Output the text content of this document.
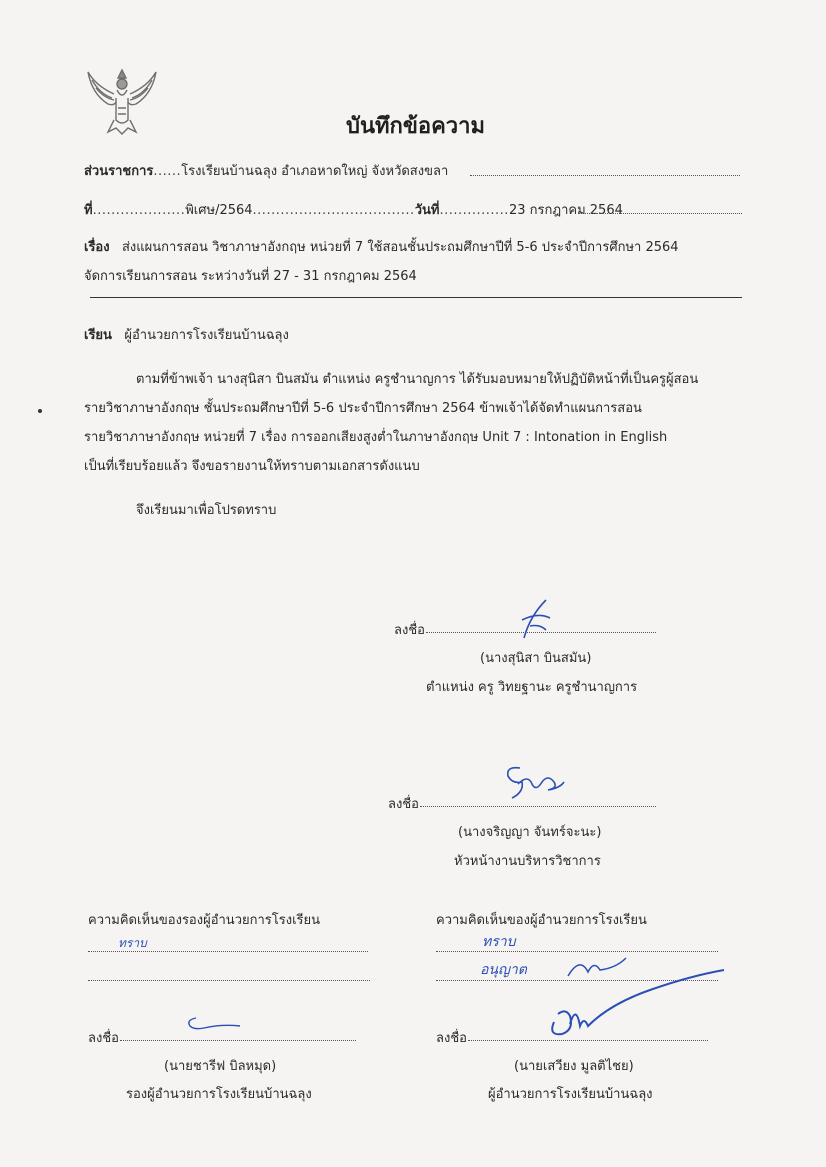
บันทึกข้อความ
ส่วนราชการ......โรงเรียนบ้านฉลุง อำเภอหาดใหญ่ จังหวัดสงขลา
ที่....................พิเศษ/2564...................................วันที่...............23 กรกฎาคม 2564
เรื่อง ส่งแผนการสอน วิชาภาษาอังกฤษ หน่วยที่ 7 ใช้สอนชั้นประถมศึกษาปีที่ 5-6 ประจำปีการศึกษา 2564
จัดการเรียนการสอน ระหว่างวันที่ 27 - 31 กรกฎาคม 2564
เรียน ผู้อำนวยการโรงเรียนบ้านฉลุง
ตามที่ข้าพเจ้า นางสุนิสา บินสมัน ตำแหน่ง ครูชำนาญการ ได้รับมอบหมายให้ปฏิบัติหน้าที่เป็นครูผู้สอน
รายวิชาภาษาอังกฤษ ชั้นประถมศึกษาปีที่ 5-6 ประจำปีการศึกษา 2564 ข้าพเจ้าได้จัดทำแผนการสอน
รายวิชาภาษาอังกฤษ หน่วยที่ 7 เรื่อง การออกเสียงสูงต่ำในภาษาอังกฤษ Unit 7 : Intonation in English
เป็นที่เรียบร้อยแล้ว จึงขอรายงานให้ทราบตามเอกสารดังแนบ
จึงเรียนมาเพื่อโปรดทราบ
ลงชื่อ
(นางสุนิสา บินสมัน)
ตำแหน่ง ครู วิทยฐานะ ครูชำนาญการ
ลงชื่อ
(นางจริญญา จันทร์จะนะ)
หัวหน้างานบริหารวิชาการ
ความคิดเห็นของรองผู้อำนวยการโรงเรียน
ทราบ
ลงชื่อ
(นายชารีฟ บิลหมุด)
รองผู้อำนวยการโรงเรียนบ้านฉลุง
ความคิดเห็นของผู้อำนวยการโรงเรียน
ทราบ
อนุญาต
ลงชื่อ
(นายเสวียง มูลติไชย)
ผู้อำนวยการโรงเรียนบ้านฉลุง
